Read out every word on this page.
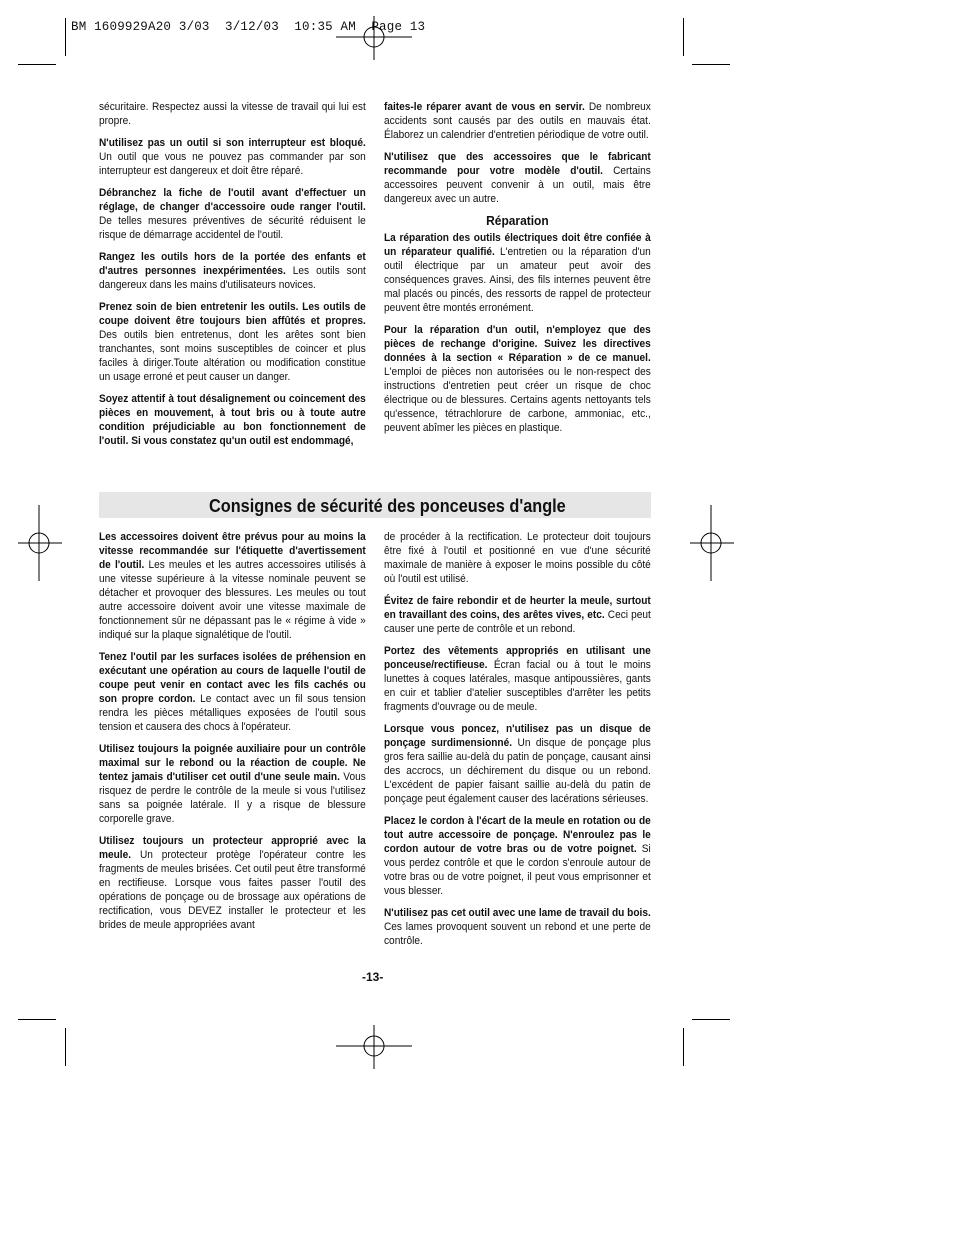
BM 1609929A20 3/03  3/12/03  10:35 AM  Page 13

sécuritaire. Respectez aussi la vitesse de travail qui lui est propre.

N'utilisez pas un outil si son interrupteur est bloqué. Un outil que vous ne pouvez pas commander par son interrupteur est dangereux et doit être réparé.

Débranchez la fiche de l'outil avant d'effectuer un réglage, de changer d'accessoire oude ranger l'outil. De telles mesures préventives de sécurité réduisent le risque de démarrage accidentel de l'outil.

Rangez les outils hors de la portée des enfants et d'autres personnes inexpérimentées. Les outils sont dangereux dans les mains d'utilisateurs novices.

Prenez soin de bien entretenir les outils. Les outils de coupe doivent être toujours bien affûtés et propres. Des outils bien entretenus, dont les arêtes sont bien tranchantes, sont moins susceptibles de coincer et plus faciles à diriger.Toute altération ou modification constitue un usage erroné et peut causer un danger.

Soyez attentif à tout désalignement ou coincement des pièces en mouvement, à tout bris ou à toute autre condition préjudiciable au bon fonctionnement de l'outil. Si vous constatez qu'un outil est endommagé,

faites-le réparer avant de vous en servir. De nombreux accidents sont causés par des outils en mauvais état. Élaborez un calendrier d'entretien périodique de votre outil.

N'utilisez que des accessoires que le fabricant recommande pour votre modèle d'outil. Certains accessoires peuvent convenir à un outil, mais être dangereux avec un autre.

Réparation

La réparation des outils électriques doit être confiée à un réparateur qualifié. L'entretien ou la réparation d'un outil électrique par un amateur peut avoir des conséquences graves. Ainsi, des fils internes peuvent être mal placés ou pincés, des ressorts de rappel de protecteur peuvent être montés erronément.

Pour la réparation d'un outil, n'employez que des pièces de rechange d'origine. Suivez les directives données à la section « Réparation » de ce manuel. L'emploi de pièces non autorisées ou le non-respect des instructions d'entretien peut créer un risque de choc électrique ou de blessures. Certains agents nettoyants tels qu'essence, tétrachlorure de carbone, ammoniac, etc., peuvent abîmer les pièces en plastique.

Consignes de sécurité des ponceuses d'angle

Les accessoires doivent être prévus pour au moins la vitesse recommandée sur l'étiquette d'avertissement de l'outil. Les meules et les autres accessoires utilisés à une vitesse supérieure à la vitesse nominale peuvent se détacher et provoquer des blessures. Les meules ou tout autre accessoire doivent avoir une vitesse maximale de fonctionnement sûr ne dépassant pas le « régime à vide » indiqué sur la plaque signalétique de l'outil.

Tenez l'outil par les surfaces isolées de préhension en exécutant une opération au cours de laquelle l'outil de coupe peut venir en contact avec les fils cachés ou son propre cordon. Le contact avec un fil sous tension rendra les pièces métalliques exposées de l'outil sous tension et causera des chocs à l'opérateur.

Utilisez toujours la poignée auxiliaire pour un contrôle maximal sur le rebond ou la réaction de couple. Ne tentez jamais d'utiliser cet outil d'une seule main. Vous risquez de perdre le contrôle de la meule si vous l'utilisez sans sa poignée latérale. Il y a risque de blessure corporelle grave.

Utilisez toujours un protecteur approprié avec la meule. Un protecteur protège l'opérateur contre les fragments de meules brisées. Cet outil peut être transformé en rectifieuse. Lorsque vous faites passer l'outil des opérations de ponçage ou de brossage aux opérations de rectification, vous DEVEZ installer le protecteur et les brides de meule appropriées avant

de procéder à la rectification. Le protecteur doit toujours être fixé à l'outil et positionné en vue d'une sécurité maximale de manière à exposer le moins possible du côté où l'outil est utilisé.

Évitez de faire rebondir et de heurter la meule, surtout en travaillant des coins, des arêtes vives, etc. Ceci peut causer une perte de contrôle et un rebond.

Portez des vêtements appropriés en utilisant une ponceuse/rectifieuse. Écran facial ou à tout le moins lunettes à coques latérales, masque antipoussières, gants en cuir et tablier d'atelier susceptibles d'arrêter les petits fragments d'ouvrage ou de meule.

Lorsque vous poncez, n'utilisez pas un disque de ponçage surdimensionné. Un disque de ponçage plus gros fera saillie au-delà du patin de ponçage, causant ainsi des accrocs, un déchirement du disque ou un rebond. L'excédent de papier faisant saillie au-delà du patin de ponçage peut également causer des lacérations sérieuses.

Placez le cordon à l'écart de la meule en rotation ou de tout autre accessoire de ponçage. N'enroulez pas le cordon autour de votre bras ou de votre poignet. Si vous perdez contrôle et que le cordon s'enroule autour de votre bras ou de votre poignet, il peut vous emprisonner et vous blesser.

N'utilisez pas cet outil avec une lame de travail du bois. Ces lames provoquent souvent un rebond et une perte de contrôle.

-13-
